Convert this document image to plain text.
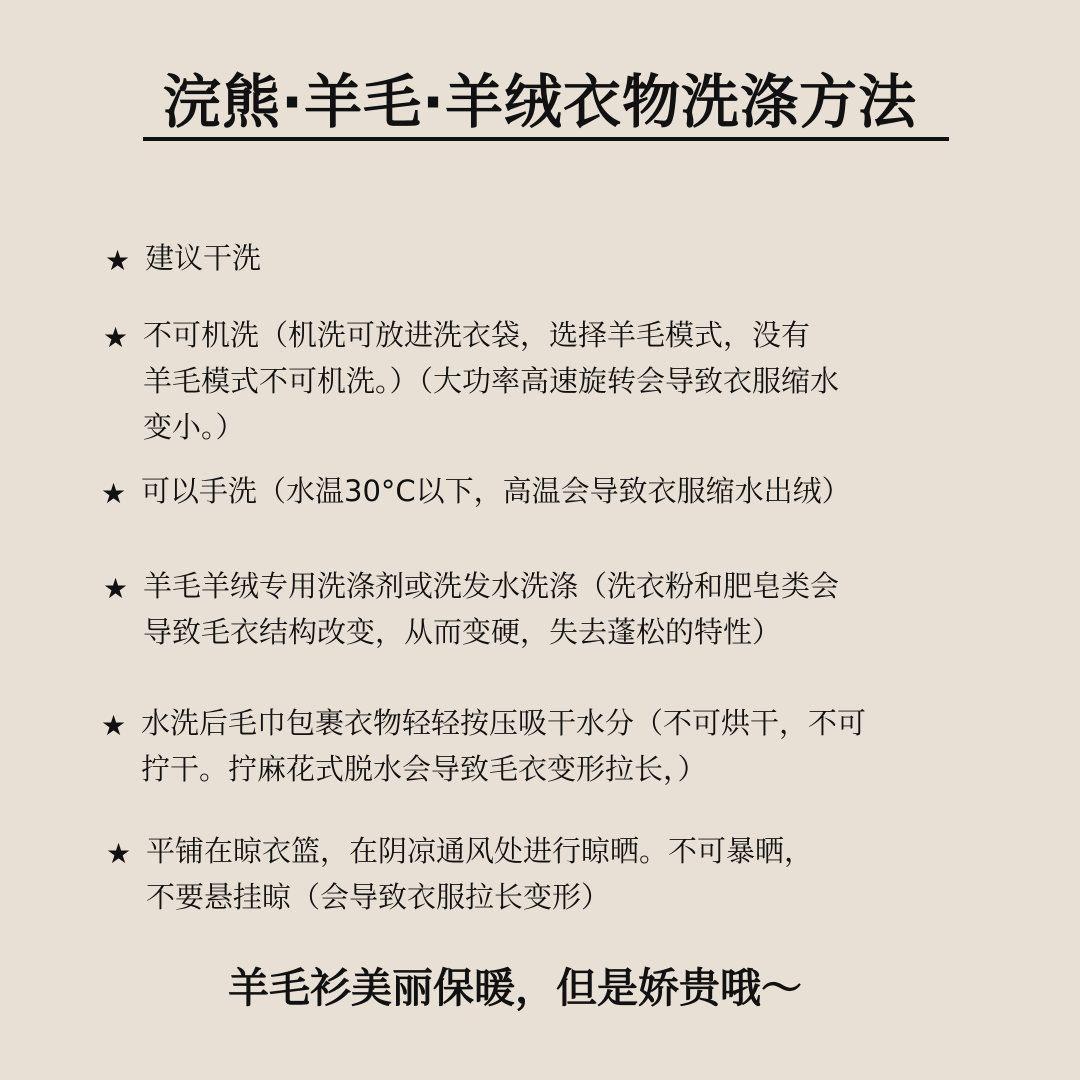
浣熊·羊毛·羊绒衣物洗涤方法
★ 建议干洗
★ 不可机洗（机洗可放进洗衣袋，选择羊毛模式，没有
羊毛模式不可机洗。）（大功率高速旋转会导致衣服缩水
变小。）
★ 可以手洗（水温30°C以下，高温会导致衣服缩水出绒）
★ 羊毛羊绒专用洗涤剂或洗发水洗涤（洗衣粉和肥皂类会
导致毛衣结构改变，从而变硬，失去蓬松的特性）
★ 水洗后毛巾包裹衣物轻轻按压吸干水分（不可烘干，不可
拧干。拧麻花式脱水会导致毛衣变形拉长，）
★ 平铺在晾衣篮，在阴凉通风处进行晾晒。不可暴晒，
不要悬挂晾（会导致衣服拉长变形）

羊毛衫美丽保暖，但是娇贵哦～
